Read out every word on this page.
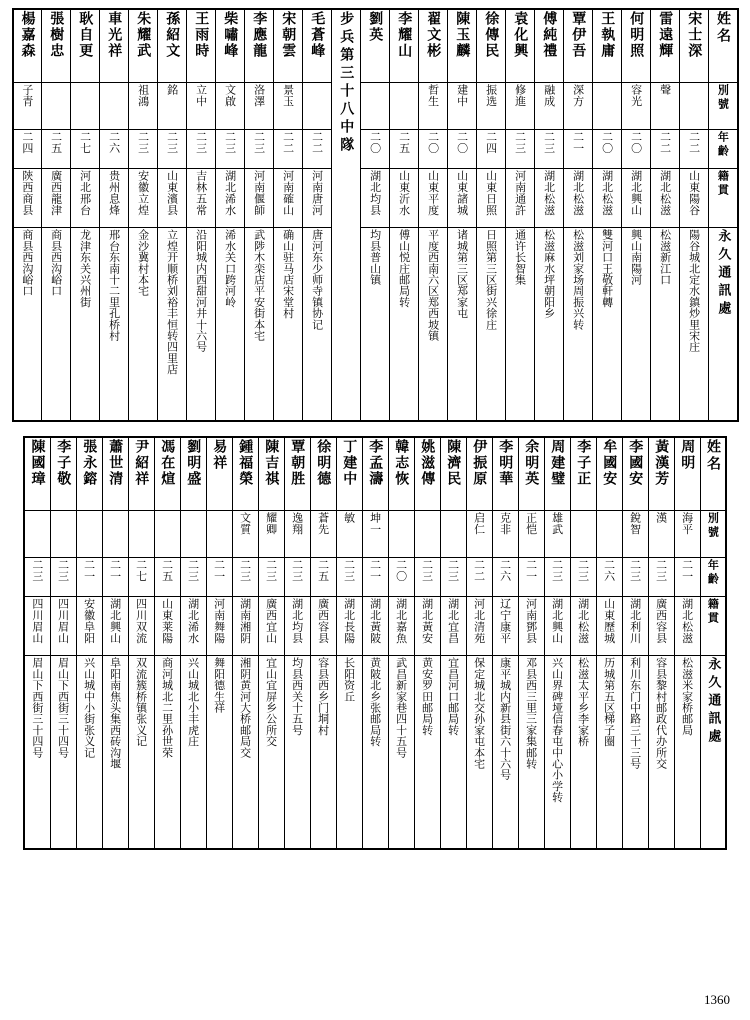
楊嘉森	張樹忠	耿自更	車光祥	朱耀武	孫紹文	王雨時	柴嘯峰	李應龍	宋朝雲	毛蒼峰	步兵第三十八中隊	劉英	李耀山	翟文彬	陳玉麟	徐傳民	袁化興	傅純禮	覃伊吾	王執庸	何明照	雷遠輝	宋士深	姓名
子青				祖鴻	銘	立中	文啟	洛澤	景玉					哲生	建中	振选	修進	融成	深方		容光	聲		別號
二四	二五	二七	二六	二三	二三	二三	二三	二三	二二	二二		二〇	二五	二〇	二〇	二四	二三	二三	二一	二〇	二〇	二二	二二	年齡
陝西商县	廣西龍津	河北邢台	贵州息烽	安徽立煌	山東濱县	吉林五常	湖北浠水	河南偃師	河南確山	河南唐河		湖北均县	山東沂水	山東平度	山東諸城	山東日照	河南通許	湖北松滋	湖北松滋	湖北松滋	湖北興山	湖北松滋	山東陽谷	籍貫
商县西沟峪口	商县西沟峪口	龙津东关兴州街	邢台东南十二里孔桥村	金沙冀村本宅	立煌开顺桥刘裕丰恒转四里店	沿阳城内西甜河井十六号	浠水关口跨河岭	武陟木栾店平安街本宅	确山驻马店宋堂村	唐河东少师寺镇协记		均县普山镇	傅山悦庄邮局转	平度西南六区郑西坡镇	诸城第三区郑家屯	日照第三区街兴徐庄	通许长智集	松滋麻水坪朝阳乡	松滋刘家场周振兴转	雙河口王敬軒轉	興山南陽河	松滋新江口	陽谷城北定水鎮炒里宋庄	永久通訊處
陳國璋	李子敬	張永鎔	蕭世清	尹紹祥	馮在煊	劉明盛	易祥	鍾福榮	陳吉祺	覃朝胜	徐明德	丁建中	李孟濤	韓志恢	姚滋傳	陳濟民	伊振原	李明華	余明英	周建璧	李子正	牟國安	李國安	黃漢芳	周明	姓名
								文質	耀卿	逸翔	蒼先	敏	坤一				启仁	克非	正恺	雄武			銳智	漢	海平	別號
二三	二三	二一	二一	二七	二五	二三	二一	二三	二三	二三	二五	二三	二一	二〇	二三	二三	二二	二六	二一	二三	二三	二六	二三	二三	二一	年齡
四川眉山	四川眉山	安徽阜阳	湖北興山	四川双流	山東莱陽	湖北浠水	河南舞陽	湖南湘阴	廣西宜山	湖北均县	廣西容县	湖北長陽	湖北黃陂	湖北嘉魚	湖北黃安	湖北宜昌	河北清苑	辽宁康平	河南鄧县	湖北興山	湖北松滋	山東歷城	湖北利川	廣西容县	湖北松滋	籍貫
眉山下西街三十四号	眉山下西街三十四号	兴山城中小街张义记	阜阳南焦头集西砖沟堰	双流簇桥镇张义记	商河城北二里孙世荣	兴山城北小丰虎庄	舞阳德生祥	湘阴黄河大桥邮局交	宜山宜屏乡公所交	均县西关十五号	容县西乡门垌村	长阳资丘	黄陂北乡张邮局转	武昌新家巷四十五号	黄安罗田邮局转	宜昌河口邮局转	保定城北交孙家屯本宅	康平城内新县街六十六号	邓县西三里三家集邮转	兴山界碑垭信春屯中心小学转	松滋太平乡李家桥	历城第五区梯子圈	利川东门中路三十三号	容县黎村邮政代办所交	松滋米家桥邮局	永久通訊處
1360
